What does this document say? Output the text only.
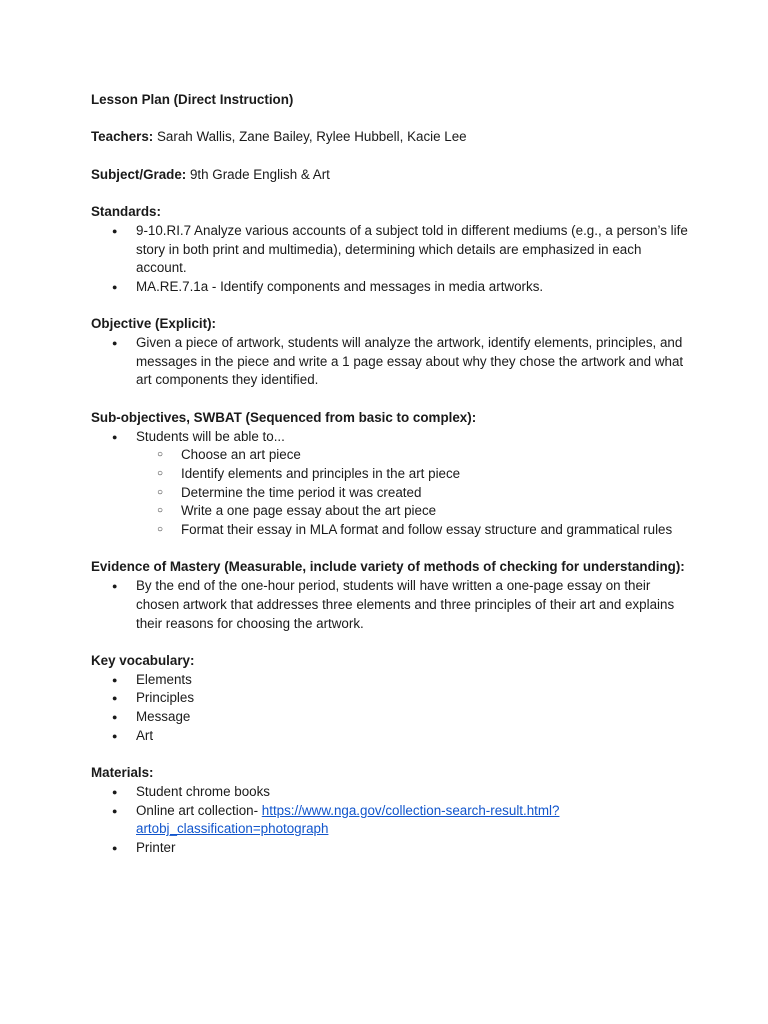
Lesson Plan (Direct Instruction)

Teachers: Sarah Wallis, Zane Bailey, Rylee Hubbell, Kacie Lee

Subject/Grade: 9th Grade English & Art

Standards:
● 9-10.RI.7 Analyze various accounts of a subject told in different mediums (e.g., a person’s life story in both print and multimedia), determining which details are emphasized in each account.
● MA.RE.7.1a - Identify components and messages in media artworks.
Objective (Explicit):
● Given a piece of artwork, students will analyze the artwork, identify elements, principles, and messages in the piece and write a 1 page essay about why they chose the artwork and what art components they identified.
Sub-objectives, SWBAT (Sequenced from basic to complex):
● Students will be able to...
○ Choose an art piece
○ Identify elements and principles in the art piece
○ Determine the time period it was created
○ Write a one page essay about the art piece
○ Format their essay in MLA format and follow essay structure and grammatical rules
Evidence of Mastery (Measurable, include variety of methods of checking for understanding):
● By the end of the one-hour period, students will have written a one-page essay on their chosen artwork that addresses three elements and three principles of their art and explains their reasons for choosing the artwork.
Key vocabulary:
● Elements
● Principles
● Message
● Art
Materials:
● Student chrome books
● Online art collection- https://www.nga.gov/collection-search-result.html?artobj_classification=photograph
● Printer
